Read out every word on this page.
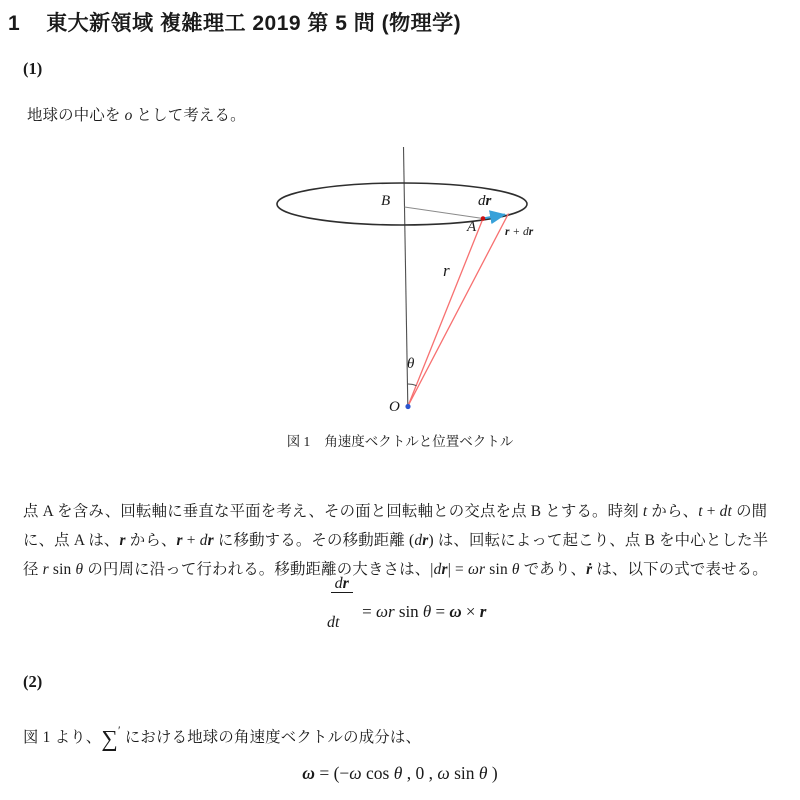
1 東大新領域 複雑理工 2019 第 5 問 (物理学)
(1)
地球の中心を o として考える。
B
A
dr
r + dr
r
θ
O
図 1 角速度ベクトルと位置ベクトル
点 A を含み、回転軸に垂直な平面を考え、その面と回転軸との交点を点 B とする。時刻 t から、t + dt の間
に、点 A は、r から、r + dr に移動する。その移動距離 (dr) は、回転によって起こり、点 B を中心とした半
径 r sin θ の円周に沿って行われる。移動距離の大きさは、|dr| = ωr sin θ であり、ṙ は、以下の式で表せる。

$\frac{dr}{dt}$

= ωr sin θ = ω × r
(2)
図 1 より、∑′ における地球の角速度ベクトルの成分は、
ω = (− ω cos θ , 0 , ω sin θ )
